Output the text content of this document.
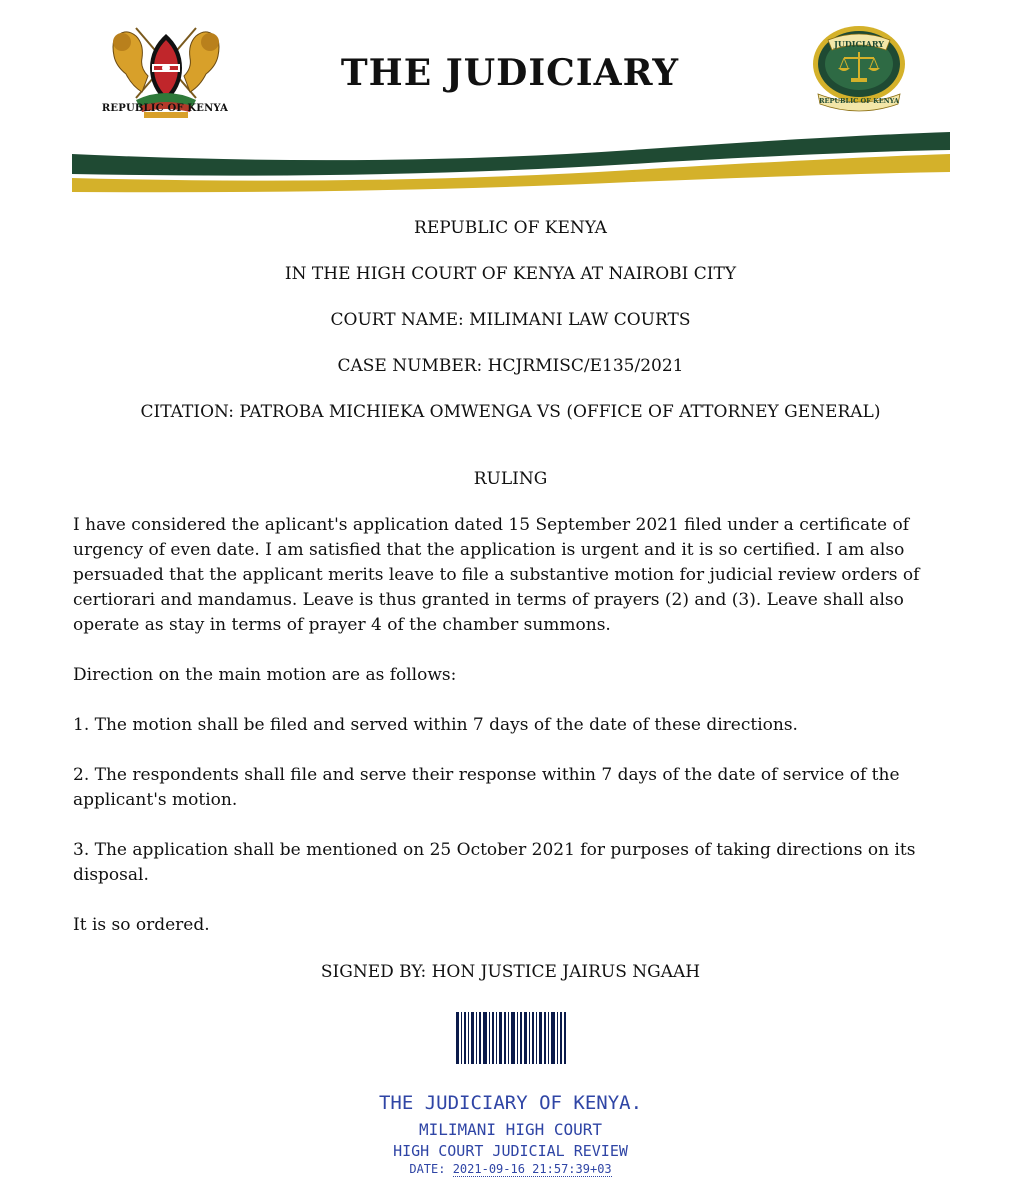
REPUBLIC OF KENYA
THE JUDICIARY
JUDICIARY
REPUBLIC OF KENYA
REPUBLIC OF KENYA
IN THE HIGH COURT OF KENYA AT NAIROBI CITY
COURT NAME: MILIMANI LAW COURTS
CASE NUMBER: HCJRMISC/E135/2021
CITATION: PATROBA MICHIEKA OMWENGA VS (OFFICE OF ATTORNEY GENERAL)
RULING

I have considered the aplicant's application dated 15 September 2021 filed under a certificate of urgency of even date. I am satisfied that the application is urgent and it is so certified. I am also persuaded that the applicant merits leave to file a substantive motion for judicial review orders of certiorari and mandamus. Leave is thus granted in terms of prayers (2) and (3). Leave shall also operate as stay in terms of prayer 4 of the chamber summons.

Direction on the main motion are as follows:

1. The motion shall be filed and served within 7 days of the date of these directions.

2. The respondents shall file and serve their response within 7 days of the date of service of the applicant's motion.

3. The application shall be mentioned on 25 October 2021 for purposes of taking directions on its disposal.

It is so ordered.

SIGNED BY: HON JUSTICE JAIRUS NGAAH
THE JUDICIARY OF KENYA.
MILIMANI HIGH COURT
HIGH COURT JUDICIAL REVIEW
DATE: 2021-09-16 21:57:39+03
